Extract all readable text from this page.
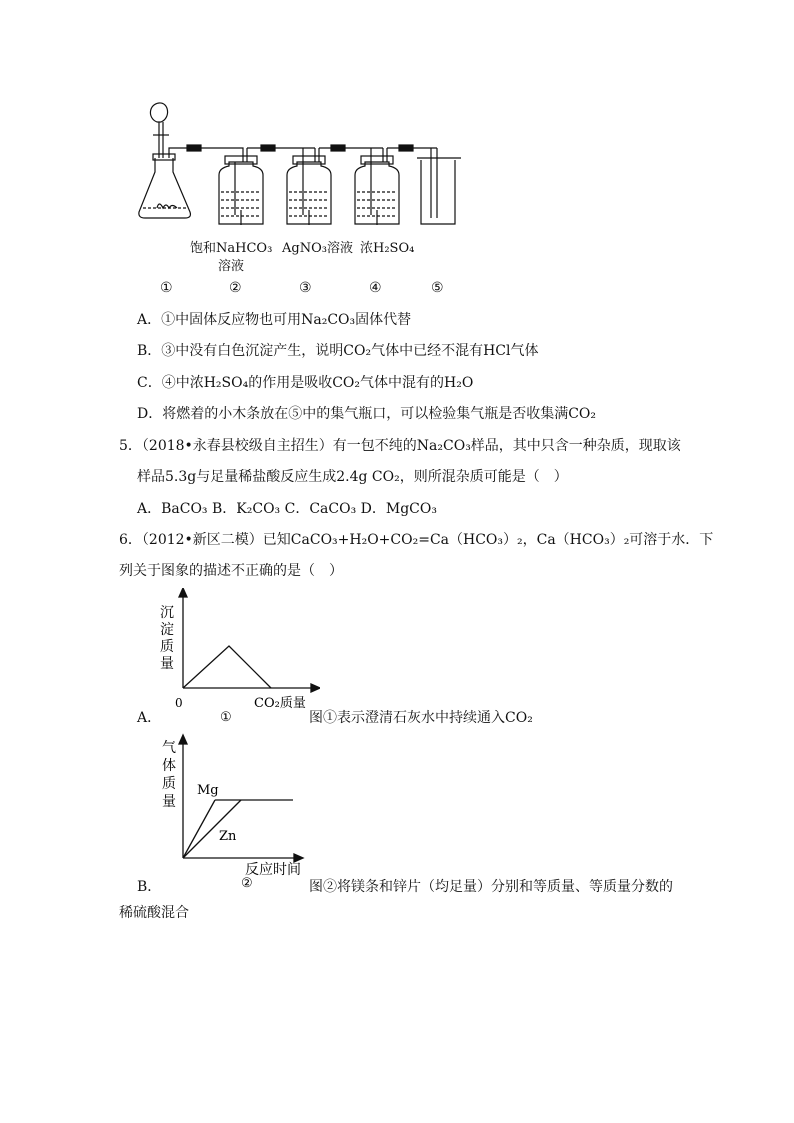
饱和NaHCO₃
溶液
AgNO₃溶液 浓H₂SO₄
①	②	③	④	⑤
A．①中固体反应物也可用Na₂CO₃固体代替
B．③中没有白色沉淀产生，说明CO₂气体中已经不混有HCl气体
C．④中浓H₂SO₄的作用是吸收CO₂气体中混有的H₂O
D．将燃着的小木条放在⑤中的集气瓶口，可以检验集气瓶是否收集满CO₂
5．（2018•永春县校级自主招生）有一包不纯的Na₂CO₃样品，其中只含一种杂质，现取该
样品5.3g与足量稀盐酸反应生成2.4g CO₂，则所混杂质可能是（　）
A．BaCO₃ B．K₂CO₃ C．CaCO₃ D．MgCO₃
6．（2012•新区二模）已知CaCO₃+H₂O+CO₂=Ca（HCO₃）₂，Ca（HCO₃）₂可溶于水．下
列关于图象的描述不正确的是（　）
沉
淀
质
量
0	CO₂质量
①
A．	图①表示澄清石灰水中持续通入CO₂
气
体
质
量
Mg
Zn
反应时间
②
B．	图②将镁条和锌片（均足量）分别和等质量、等质量分数的
稀硫酸混合
